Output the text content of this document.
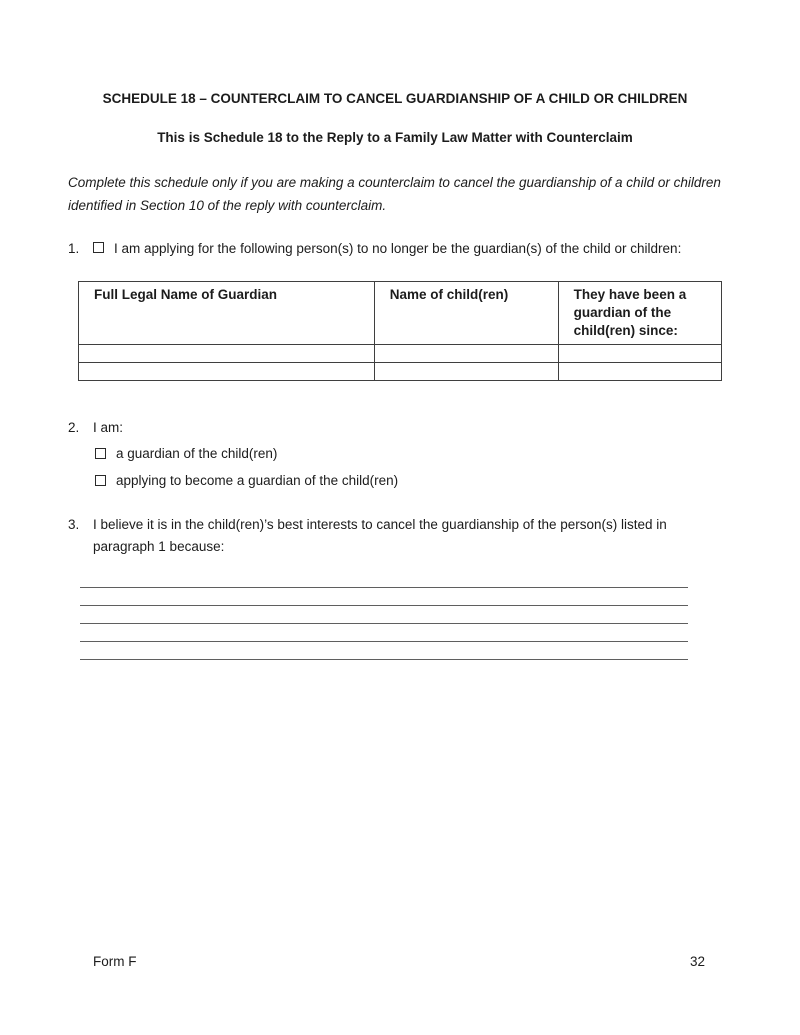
SCHEDULE 18 – COUNTERCLAIM TO CANCEL GUARDIANSHIP OF A CHILD OR CHILDREN
This is Schedule 18 to the Reply to a Family Law Matter with Counterclaim
Complete this schedule only if you are making a counterclaim to cancel the guardianship of a child or children identified in Section 10 of the reply with counterclaim.
1.	I am applying for the following person(s) to no longer be the guardian(s) of the child or children:
Full Legal Name of Guardian	Name of child(ren)	They have been a guardian of the child(ren) since:

2.	I am:
a guardian of the child(ren)
applying to become a guardian of the child(ren)
3.	I believe it is in the child(ren)’s best interests to cancel the guardianship of the person(s) listed in paragraph 1 because:
Form F	32
